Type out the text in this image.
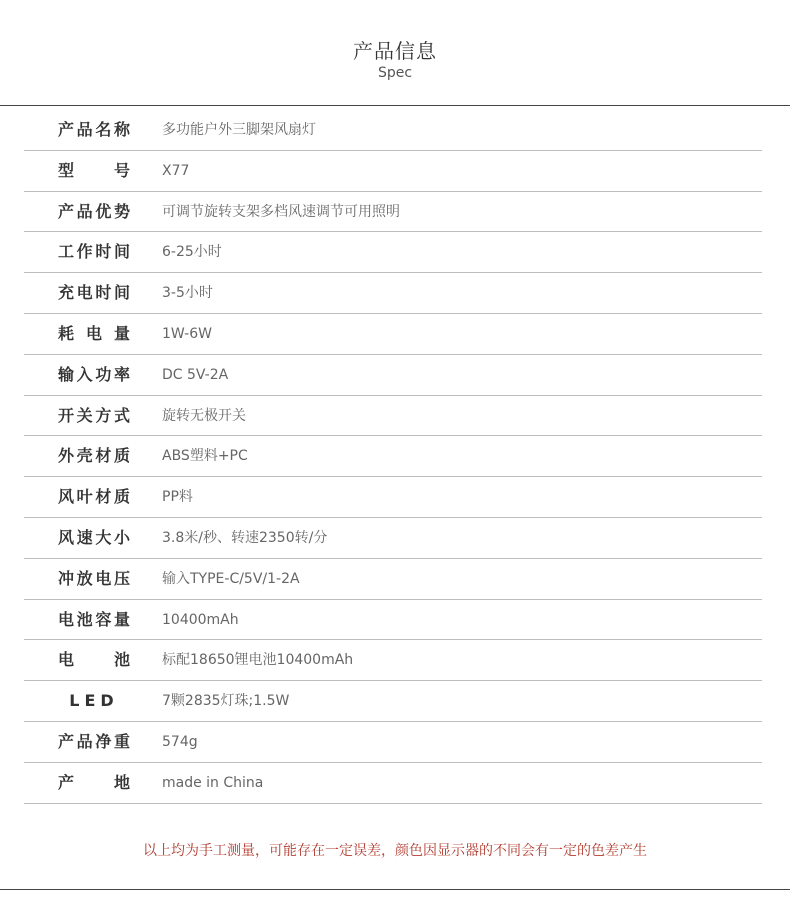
产品信息
Spec
产品名称 多功能户外三脚架风扇灯
型号 X77
产品优势 可调节旋转支架多档风速调节可用照明
工作时间 6-25小时
充电时间 3-5小时
耗电量 1W-6W
输入功率 DC 5V-2A
开关方式 旋转无极开关
外壳材质 ABS塑料+PC
风叶材质 PP料
风速大小 3.8米/秒、转速2350转/分
冲放电压 输入TYPE-C/5V/1-2A
电池容量 10400mAh
电池 标配18650锂电池10400mAh
LED	7颗2835灯珠;1.5W
产品净重 574g
产地 made in China
以上均为手工测量，可能存在一定误差，颜色因显示器的不同会有一定的色差产生
